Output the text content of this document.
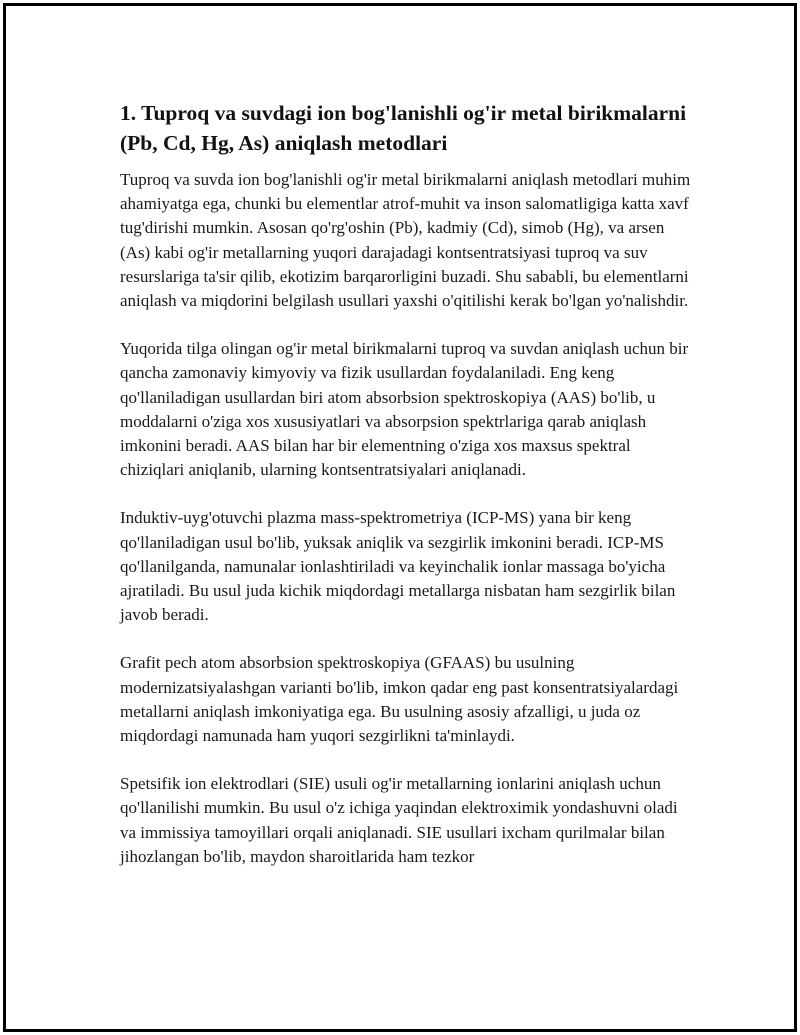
1. Tuproq va suvdagi ion bog'lanishli og'ir metal birikmalarni (Pb, Cd, Hg, As) aniqlash metodlari

Tuproq va suvda ion bog'lanishli og'ir metal birikmalarni aniqlash metodlari muhim ahamiyatga ega, chunki bu elementlar atrof-muhit va inson salomatligiga katta xavf tug'dirishi mumkin. Asosan qo'rg'oshin (Pb), kadmiy (Cd), simob (Hg), va arsen (As) kabi og'ir metallarning yuqori darajadagi kontsentratsiyasi tuproq va suv resurslariga ta'sir qilib, ekotizim barqarorligini buzadi. Shu sababli, bu elementlarni aniqlash va miqdorini belgilash usullari yaxshi o'qitilishi kerak bo'lgan yo'nalishdir.

Yuqorida tilga olingan og'ir metal birikmalarni tuproq va suvdan aniqlash uchun bir qancha zamonaviy kimyoviy va fizik usullardan foydalaniladi. Eng keng qo'llaniladigan usullardan biri atom absorbsion spektroskopiya (AAS) bo'lib, u moddalarni o'ziga xos xususiyatlari va absorpsion spektrlariga qarab aniqlash imkonini beradi. AAS bilan har bir elementning o'ziga xos maxsus spektral chiziqlari aniqlanib, ularning kontsentratsiyalari aniqlanadi.

Induktiv-uyg'otuvchi plazma mass-spektrometriya (ICP-MS) yana bir keng qo'llaniladigan usul bo'lib, yuksak aniqlik va sezgirlik imkonini beradi. ICP-MS qo'llanilganda, namunalar ionlashtiriladi va keyinchalik ionlar massaga bo'yicha ajratiladi. Bu usul juda kichik miqdordagi metallarga nisbatan ham sezgirlik bilan javob beradi.

Grafit pech atom absorbsion spektroskopiya (GFAAS) bu usulning modernizatsiyalashgan varianti bo'lib, imkon qadar eng past konsentratsiyalardagi metallarni aniqlash imkoniyatiga ega. Bu usulning asosiy afzalligi, u juda oz miqdordagi namunada ham yuqori sezgirlikni ta'minlaydi.

Spetsifik ion elektrodlari (SIE) usuli og'ir metallarning ionlarini aniqlash uchun qo'llanilishi mumkin. Bu usul o'z ichiga yaqindan elektroximik yondashuvni oladi va immissiya tamoyillari orqali aniqlanadi. SIE usullari ixcham qurilmalar bilan jihozlangan bo'lib, maydon sharoitlarida ham tezkor
